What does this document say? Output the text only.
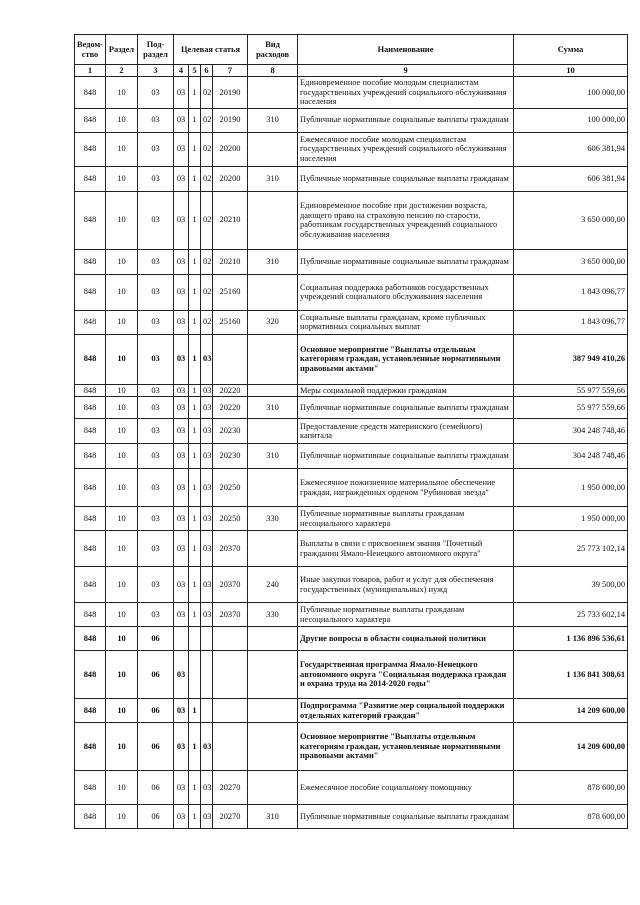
Ведом-ство	Раздел	Под-раздел	Целевая статья				Вид расходов	Наименование	Сумма
1	2	3	4	5	6	7	8	9	10
848	10	03	03	1	02	20190		Единовременное пособие молодым специалистам государственных учреждений социального обслуживания населения	100 000,00
848	10	03	03	1	02	20190	310	Публичные нормативные социальные выплаты гражданам	100 000,00
848	10	03	03	1	02	20200		Ежемесячное пособие молодым специалистам государственных учреждений социального обслуживания населения	606 381,94
848	10	03	03	1	02	20200	310	Публичные нормативные социальные выплаты гражданам	606 381,94
848	10	03	03	1	02	20210		Единовременное пособие при достижении возраста, дающего право на страховую пенсию по старости, работникам государственных учреждений социального обслуживания населения	3 650 000,00
848	10	03	03	1	02	20210	310	Публичные нормативные социальные выплаты гражданам	3 650 000,00
848	10	03	03	1	02	25160		Социальная поддержка работников государственных учреждений социального обслуживания населения	1 843 096,77
848	10	03	03	1	02	25160	320	Социальные выплаты гражданам, кроме публичных нормативных социальных выплат	1 843 096,77
848	10	03	03	1	03			Основное мероприятие "Выплаты отдельным категориям граждан, установленные нормативными правовыми актами"	387 949 410,26
848	10	03	03	1	03	20220		Меры социальной поддержки гражданам	55 977 559,66
848	10	03	03	1	03	20220	310	Публичные нормативные социальные выплаты гражданам	55 977 559,66
848	10	03	03	1	03	20230		Предоставление средств материнского (семейного) капитала	304 248 748,46
848	10	03	03	1	03	20230	310	Публичные нормативные социальные выплаты гражданам	304 248 748,46
848	10	03	03	1	03	20250		Ежемесячное пожизненное материальное обеспечение граждан, награжденных орденом "Рубиновая звезда"	1 950 000,00
848	10	03	03	1	03	20250	330	Публичные нормативные выплаты гражданам несоциального характера	1 950 000,00
848	10	03	03	1	03	20370		Выплаты в связи с присвоением звания "Почетный гражданин Ямало-Ненецкого автономного округа"	25 773 102,14
848	10	03	03	1	03	20370	240	Иные закупки товаров, работ и услуг для обеспечения государственных (муниципальных) нужд	39 500,00
848	10	03	03	1	03	20370	330	Публичные нормативные выплаты гражданам несоциального характера	25 733 602,14
848	10	06						Другие вопросы в области социальной политики	1 136 896 536,61
848	10	06	03					Государственная программа Ямало-Ненецкого автономного округа "Социальная поддержка граждан и охрана труда на 2014-2020 годы"	1 136 841 308,61
848	10	06	03	1				Подпрограмма "Развитие мер социальной поддержки отдельных категорий граждан"	14 209 600,00
848	10	06	03	1	03			Основное мероприятие "Выплаты отдельным категориям граждан, установленные нормативными правовыми актами"	14 209 600,00
848	10	06	03	1	03	20270		Ежемесячное пособие социальному помощнику	878 600,00
848	10	06	03	1	03	20270	310	Публичные нормативные социальные выплаты гражданам	878 600,00
